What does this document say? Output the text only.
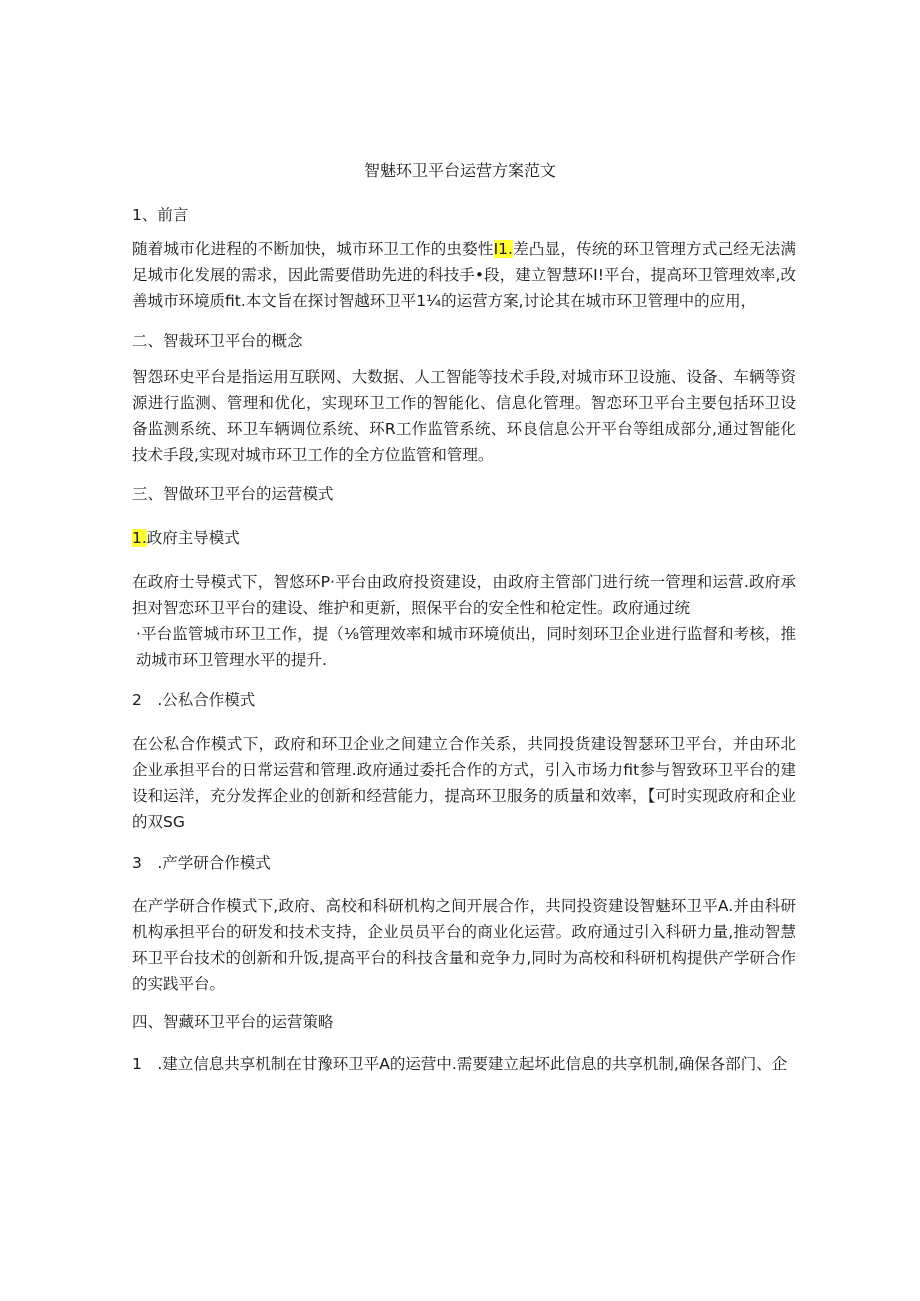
智魅环卫平台运营方案范文
1、前言
随着城市化进程的不断加快，城市环卫工作的虫婺性I1.差凸显，传统的环卫管理方式己经无法满足城市化发展的需求，因此需要借助先进的科技手•段，建立智慧环I!平台，提高环卫管理效率,改善城市环境质fit.本文旨在探讨智越环卫平1¼的运营方案,讨论其在城市环卫管理中的应用，
二、智裁环卫平台的概念
智怨环史平台是指运用互联网、大数据、人工智能等技术手段,对城市环卫设施、设备、车辆等资源进行监测、管理和优化，实现环卫工作的智能化、信息化管理。智恋环卫平台主要包括环卫设备监测系统、环卫车辆调位系统、环R工作监管系统、环良信息公开平台等组成部分,通过智能化技术手段,实现对城市环卫工作的全方位监管和管理。
三、智做环卫平台的运营模式
1.政府主导模式

在政府士导模式下，智悠环P·平台由政府投资建设，由政府主管部门进行统一管理和运营.政府承担对智恋环卫平台的建设、维护和更新，照保平台的安全性和枪定性。政府通过统

·平台监管城市环卫工作，提（⅛管理效率和城市环境侦出，同时刻环卫企业进行监督和考核，推动城市环卫管理水平的提升.

2　.公私合作模式
在公私合作模式下，政府和环卫企业之间建立合作关系，共同投货建设智瑟环卫平台，并由环北企业承担平台的日常运营和管理.政府通过委托合作的方式，引入市场力fit参与智致环卫平台的建设和运洋，充分发挥企业的创新和经营能力，提高环卫服务的质量和效率，【可时实现政府和企业的双SG
3　.产学研合作模式
在产学研合作模式下,政府、高校和科研机构之间开展合作，共同投资建设智魅环卫平A.并由科研机构承担平台的研发和技术支持，企业员员平台的商业化运营。政府通过引入科研力量,推动智慧环卫平台技术的创新和升饭,提高平台的科技含量和竞争力,同时为高校和科研机构提供产学研合作的实践平台。
四、智藏环卫平台的运营策略
1　.建立信息共享机制在甘豫环卫平A的运营中.需要建立起坏此信息的共享机制,确保各部门、企
